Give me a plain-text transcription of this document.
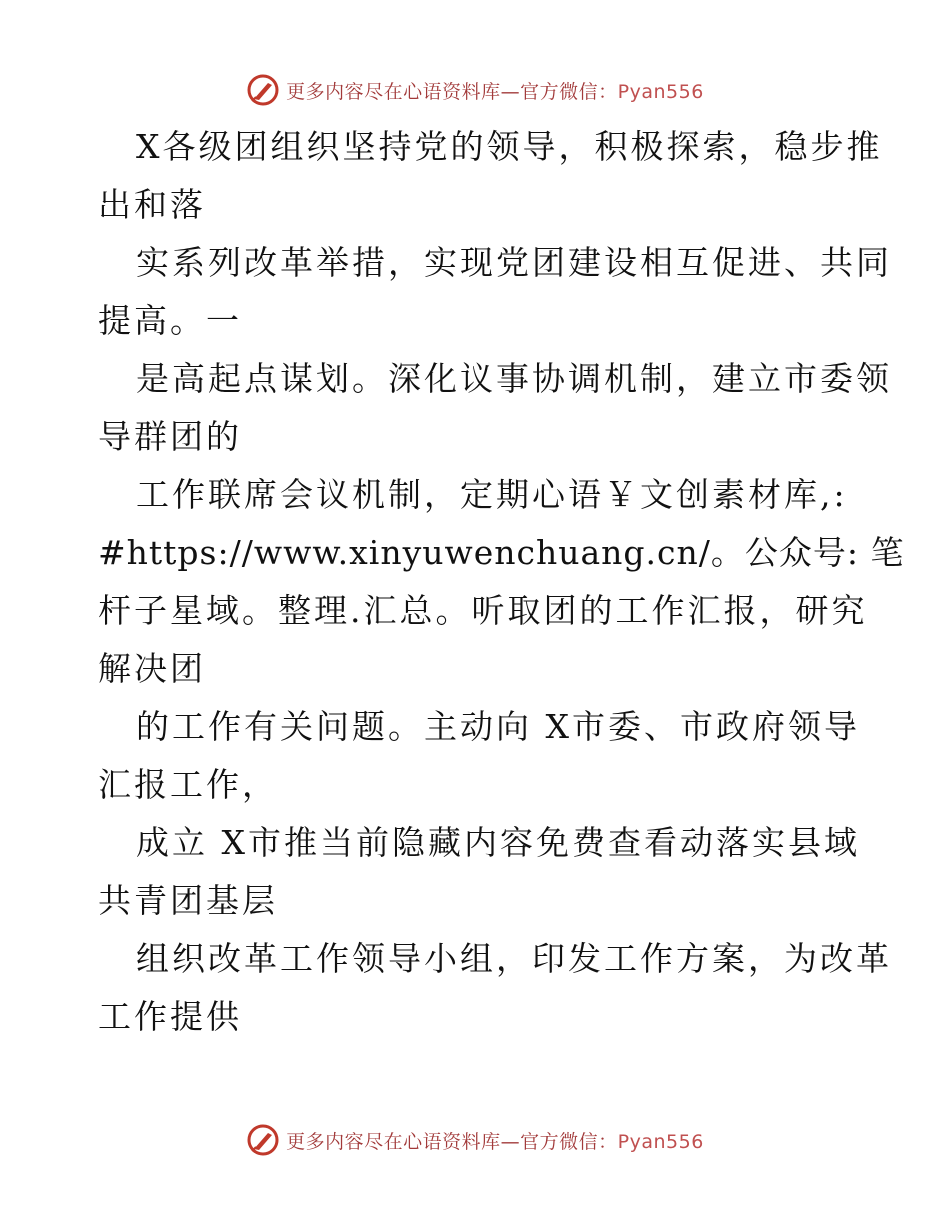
更多内容尽在心语资料库—官方微信：Pyan556
X各级团组织坚持党的领导，积极探索，稳步推
出和落
实系列改革举措，实现党团建设相互促进、共同
提高。一
是高起点谋划。深化议事协调机制，建立市委领
导群团的
工作联席会议机制，定期心语￥文创素材库,:
#https://www.xinyuwenchuang.cn/。公众号: 笔
杆子星域。整理.汇总。听取团的工作汇报，研究
解决团
的工作有关问题。主动向 X市委、市政府领导
汇报工作，
成立 X市推当前隐藏内容免费查看动落实县域
共青团基层
组织改革工作领导小组，印发工作方案，为改革
工作提供
更多内容尽在心语资料库—官方微信：Pyan556
